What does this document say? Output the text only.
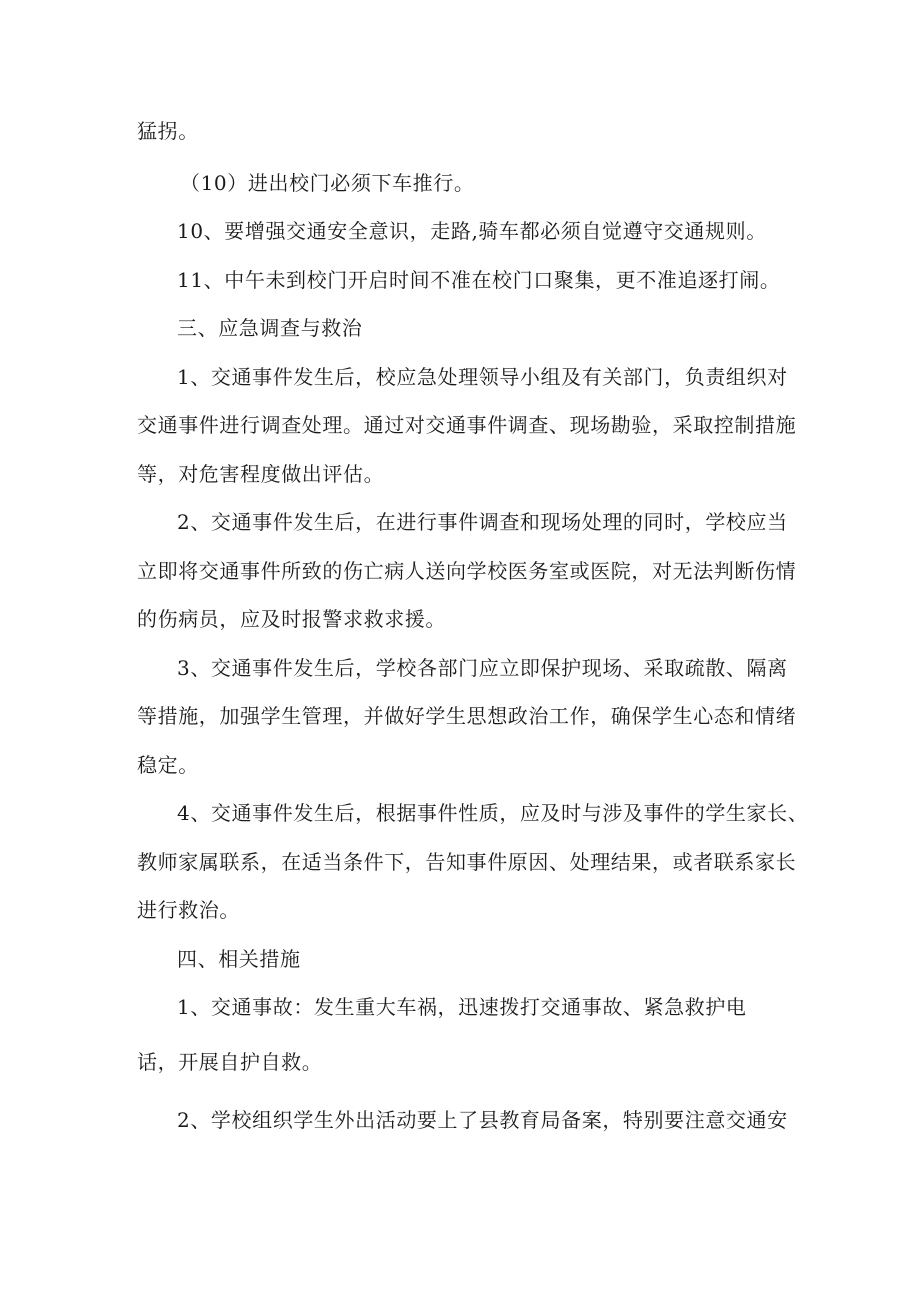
猛拐。
（10）进出校门必须下车推行。
10、要增强交通安全意识，走路,骑车都必须自觉遵守交通规则。
11、中午未到校门开启时间不准在校门口聚集，更不准追逐打闹。
三、应急调查与救治
1、交通事件发生后，校应急处理领导小组及有关部门，负责组织对
交通事件进行调查处理。通过对交通事件调查、现场勘验，采取控制措施
等，对危害程度做出评估。
2、交通事件发生后，在进行事件调查和现场处理的同时，学校应当
立即将交通事件所致的伤亡病人送向学校医务室或医院，对无法判断伤情
的伤病员，应及时报警求救求援。
3、交通事件发生后，学校各部门应立即保护现场、采取疏散、隔离
等措施，加强学生管理，并做好学生思想政治工作，确保学生心态和情绪
稳定。
4、交通事件发生后，根据事件性质，应及时与涉及事件的学生家长、
教师家属联系，在适当条件下，告知事件原因、处理结果，或者联系家长
进行救治。
四、相关措施
1、交通事故：发生重大车祸，迅速拨打交通事故、紧急救护电
话，开展自护自救。
2、学校组织学生外出活动要上了县教育局备案，特别要注意交通安
